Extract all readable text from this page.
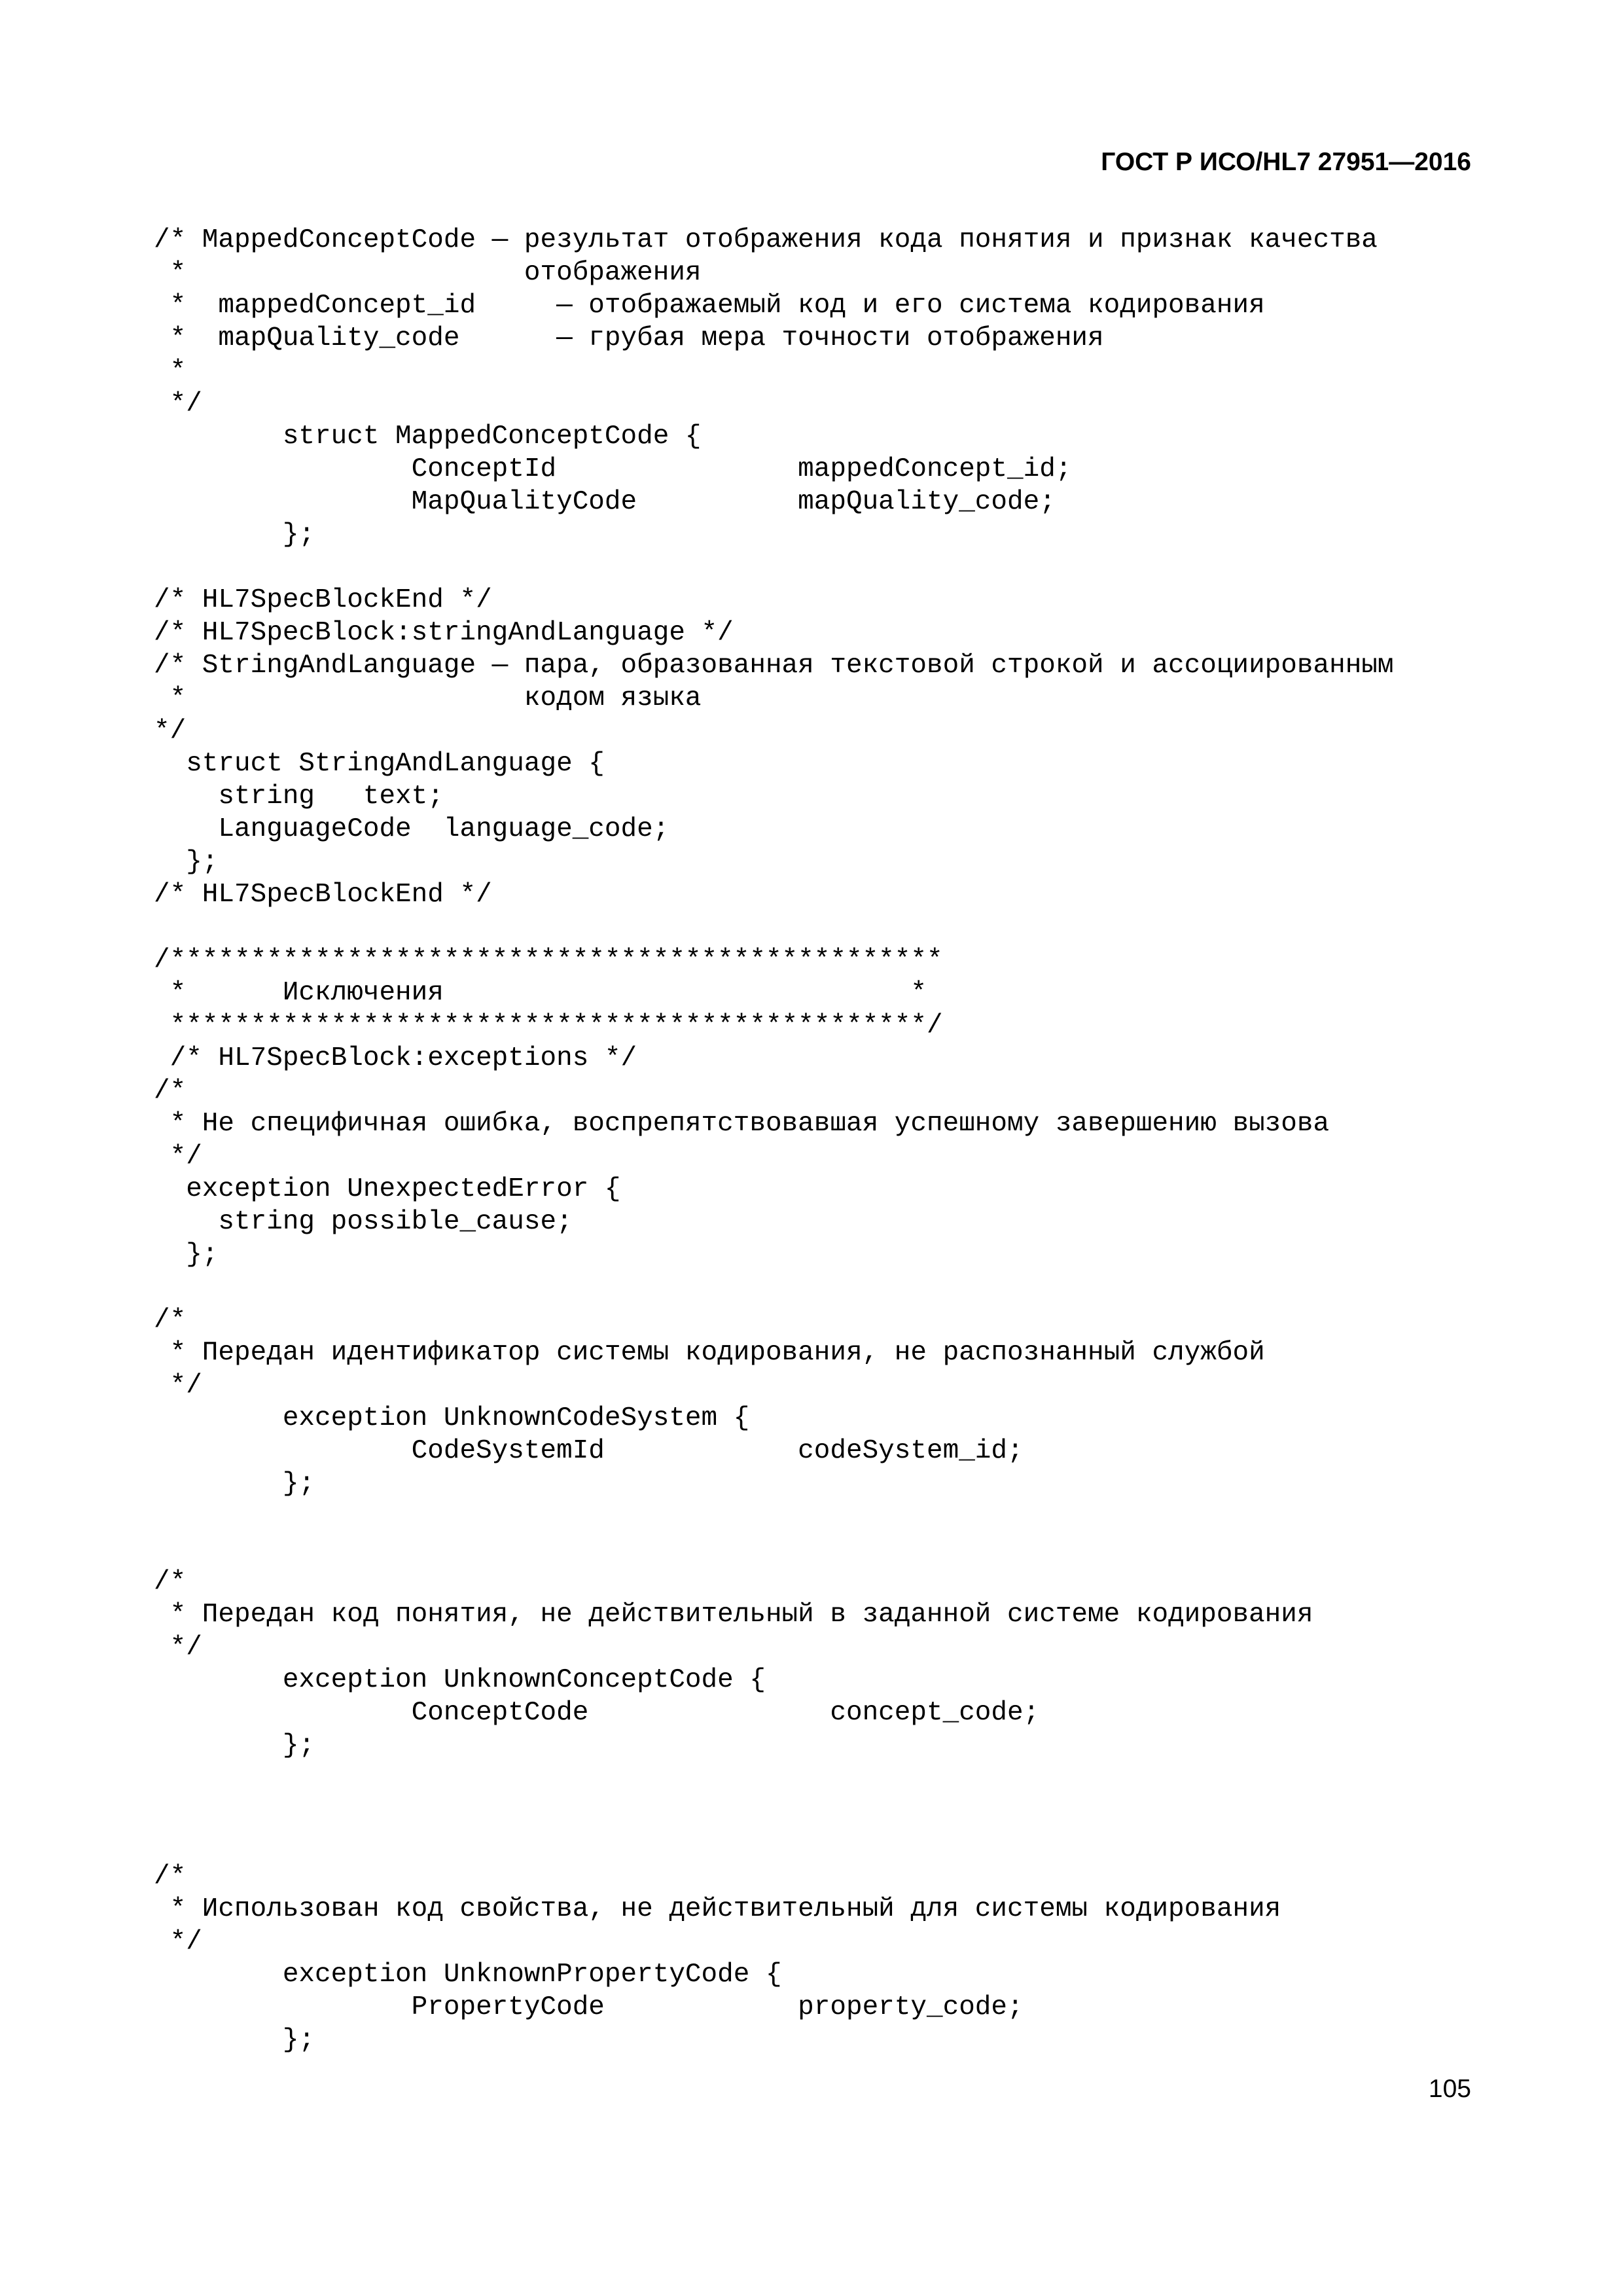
ГОСТ Р ИСО/HL7 27951—2016
/* MappedConceptCode — результат отображения кода понятия и признак качества
*                     отображения
*  mappedConcept_id     — отображаемый код и его система кодирования
*  mapQuality_code      — грубая мера точности отображения
*
*/
struct MappedConceptCode {
ConceptId               mappedConcept_id;
MapQualityCode          mapQuality_code;
};
/* HL7SpecBlockEnd */
/* HL7SpecBlock:stringAndLanguage */
/* StringAndLanguage — пара, образованная текстовой строкой и ассоциированным
*                     кодом языка
*/
struct StringAndLanguage {
string   text;
LanguageCode  language_code;
};
/* HL7SpecBlockEnd */
/************************************************
*      Исключения                             *
***********************************************/
/* HL7SpecBlock:exceptions */
/*
* Не специфичная ошибка, воспрепятствовавшая успешному завершению вызова
*/
exception UnexpectedError {
string possible_cause;
};
/*
* Передан идентификатор системы кодирования, не распознанный службой
*/
exception UnknownCodeSystem {
CodeSystemId            codeSystem_id;
};
/*
* Передан код понятия, не действительный в заданной системе кодирования
*/
exception UnknownConceptCode {
ConceptCode               concept_code;
};
/*
* Использован код свойства, не действительный для системы кодирования
*/
exception UnknownPropertyCode {
PropertyCode            property_code;
};
105
